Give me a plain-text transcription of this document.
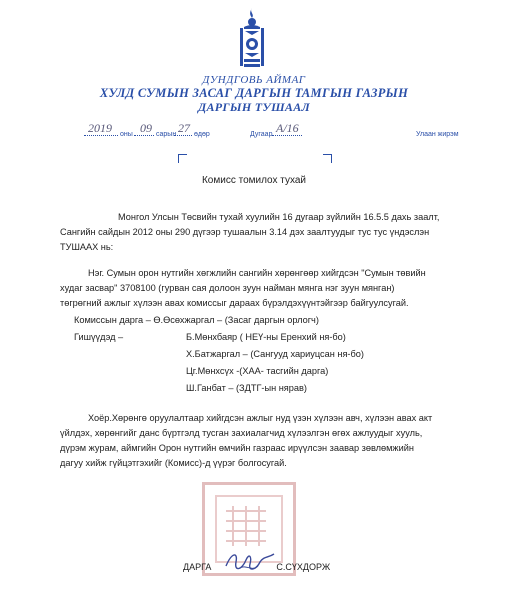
ДУНДГОВЬ АЙМАГ
ХУЛД СУМЫН ЗАСАГ ДАРГЫН ТАМГЫН ГАЗРЫН
ДАРГЫН ТУШААЛ
2019 оны 09 сарын 27 өдөр	Дугаар А/16	Улаан жирэм
Комисс томилох тухай
Монгол Улсын Төсвийн тухай хуулийн 16 дугаар зүйлийн 16.5.5 дахь заалт,
Сангийн сайдын 2012 оны 290 дүгээр тушаалын 3.14 дэх заалтуудыг тус тус үндэслэн
ТУШААХ нь:
Нэг. Сумын орон нутгийн хөгжлийн сангийн хөрөнгөөр хийгдсэн "Сумын төвийн
худаг засвар" 3708100 (гурван сая долоон зуун найман мянга нэг зуун мянган)
төгрөгний ажлыг хүлээн авах комиссыг дараах бүрэлдэхүүнтэйгээр байгуулсугай.
Комиссын дарга – Ө.Өсөхжаргал – (Засаг даргын орлогч)
Гишүүдэд –	Б.Мөнхбаяр ( НЕҮ-ны Еренхий ня-бо)
Х.Батжаргал – (Сангууд хариуцсан ня-бо)
Цг.Мөнхсүх -(ХАА- тасгийн дарга)
Ш.Ганбат – (ЗДТГ-ын нярав)
Хоёр.Хөрөнгө оруулалтаар хийгдсэн ажлыг нуд үзэн хүлээн авч, хүлээн авах акт
үйлдэх, хөрөнгийг данс бүртгэлд тусган захиалагчид хүлээлгэн өгөх ажлуудыг хууль,
дүрэм журам, аймгийн Орон нутгийн өмчийн газраас ирүүлсэн заавар зөвлөмжийн
дагуу хийж гүйцэтгэхийг (Комисс)-д үүрэг болгосугай.
ДАРГА	С.СҮХДОРЖ
